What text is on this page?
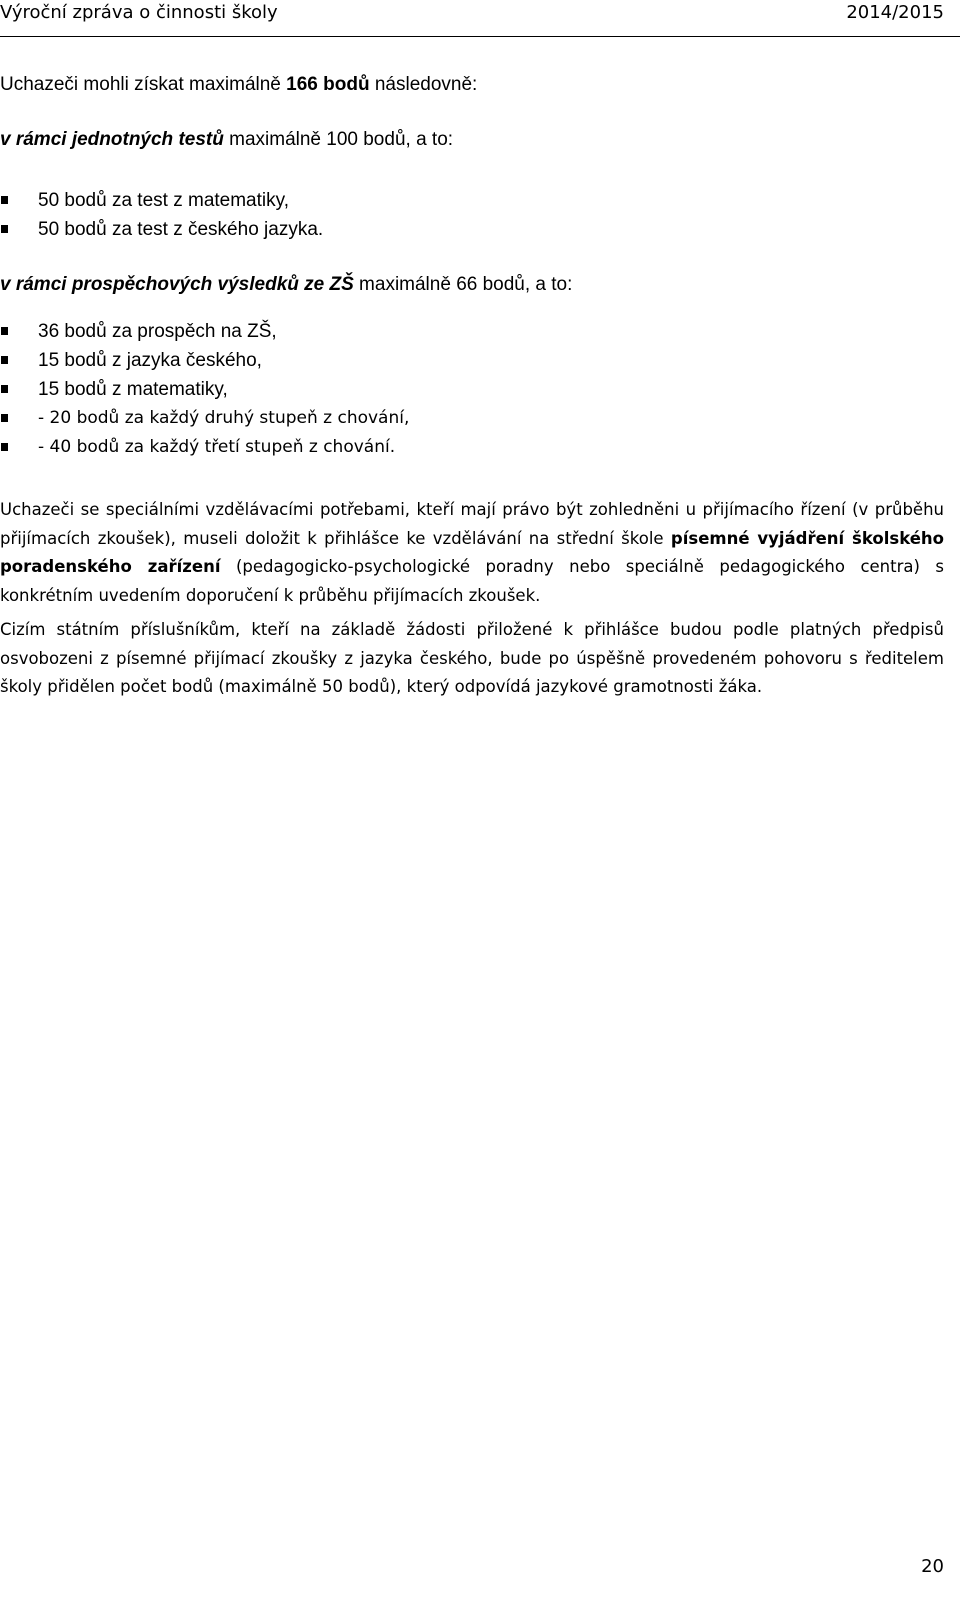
Výroční zpráva o činnosti školy	2014/2015
Uchazeči mohli získat maximálně 166 bodů následovně:
v rámci jednotných testů maximálně 100 bodů, a to:
50 bodů za test z matematiky,
50 bodů za test z českého jazyka.
v rámci prospěchových výsledků ze ZŠ maximálně 66 bodů, a to:
36 bodů za prospěch na ZŠ,
15 bodů z jazyka českého,
15 bodů z matematiky,
- 20 bodů za každý druhý stupeň z chování,
- 40 bodů za každý třetí stupeň z chování.

Uchazeči se speciálními vzdělávacími potřebami, kteří mají právo být zohledněni u přijímacího řízení (v průběhu přijímacích zkoušek), museli doložit k přihlášce ke vzdělávání na střední škole písemné vyjádření školského poradenského zařízení (pedagogicko-psychologické poradny nebo speciálně pedagogického centra) s konkrétním uvedením doporučení k průběhu přijímacích zkoušek.

Cizím státním příslušníkům, kteří na základě žádosti přiložené k přihlášce budou podle platných předpisů osvobozeni z písemné přijímací zkoušky z jazyka českého, bude po úspěšně provedeném pohovoru s ředitelem školy přidělen počet bodů (maximálně 50 bodů), který odpovídá jazykové gramotnosti žáka.

20
